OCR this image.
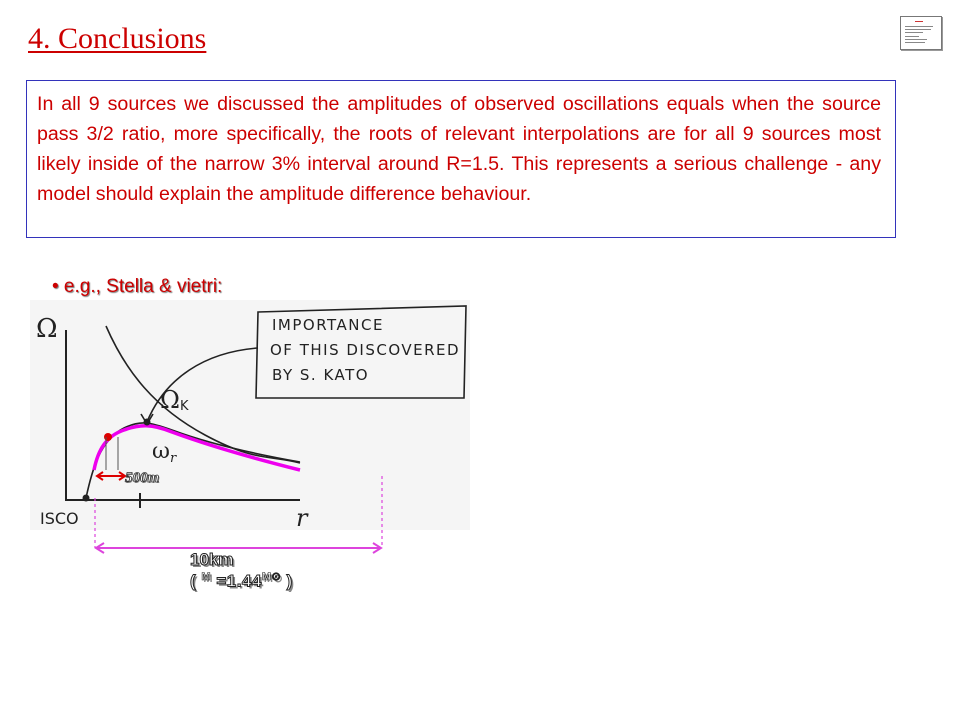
4. Conclusions

In all 9 sources we discussed the amplitudes of observed oscillations equals when the source pass 3/2 ratio, more specifically, the roots of relevant interpolations are for all 9 sources most likely inside of the narrow 3% interval around R=1.5. This represents a serious challenge - any model should explain the amplitude difference behaviour.

• e.g., Stella & vietri:
Ω
r
ISCO
IMPORTANCE
OF THIS DISCOVERED
BY S. KATO
Ω K
ω r
500m
10km
( $^M =1.44^{M⊙}$ )
